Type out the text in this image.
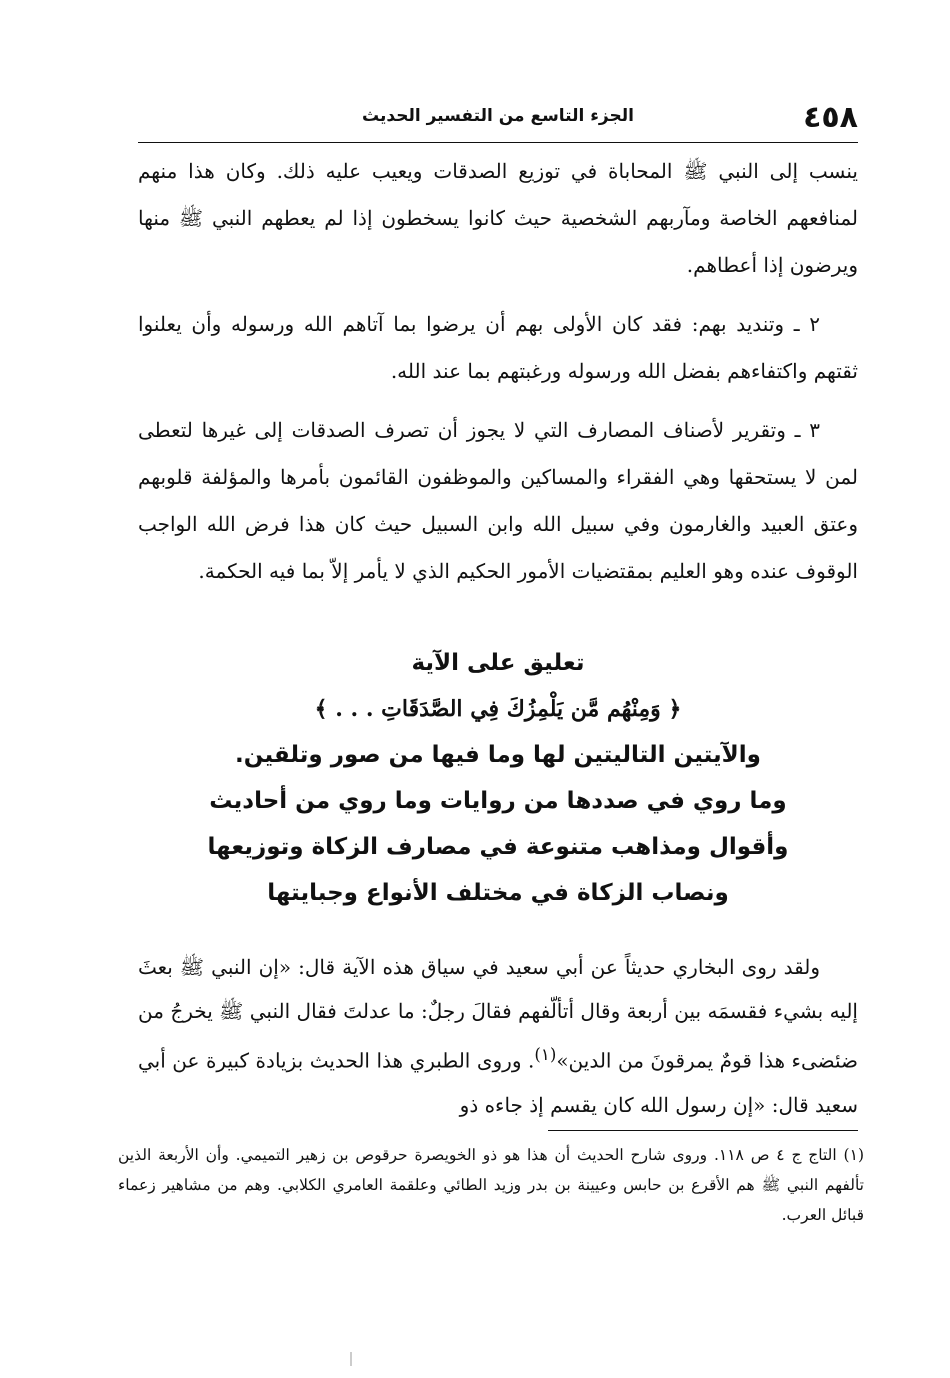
٤٥٨
الجزء التاسع من التفسير الحديث

ينسب إلى النبي ﷺ المحاباة في توزيع الصدقات ويعيب عليه ذلك. وكان هذا منهم لمنافعهم الخاصة ومآربهم الشخصية حيث كانوا يسخطون إذا لم يعطهم النبي ﷺ منها ويرضون إذا أعطاهم.

٢ ـ وتنديد بهم: فقد كان الأولى بهم أن يرضوا بما آتاهم الله ورسوله وأن يعلنوا ثقتهم واكتفاءهم بفضل الله ورسوله ورغبتهم بما عند الله.

٣ ـ وتقرير لأصناف المصارف التي لا يجوز أن تصرف الصدقات إلى غيرها لتعطى لمن لا يستحقها وهي الفقراء والمساكين والموظفون القائمون بأمرها والمؤلفة قلوبهم وعتق العبيد والغارمون وفي سبيل الله وابن السبيل حيث كان هذا فرض الله الواجب الوقوف عنده وهو العليم بمقتضيات الأمور الحكيم الذي لا يأمر إلاّ بما فيه الحكمة.

تعليق على الآية
﴿ وَمِنْهُم مَّن يَلْمِزُكَ فِي الصَّدَقَاتِ . . . ﴾
والآيتين التاليتين لها وما فيها من صور وتلقين.
وما روي في صددها من روايات وما روي من أحاديث
وأقوال ومذاهب متنوعة في مصارف الزكاة وتوزيعها
ونصاب الزكاة في مختلف الأنواع وجبايتها

ولقد روى البخاري حديثاً عن أبي سعيد في سياق هذه الآية قال: «إن النبي ﷺ بعثَ إليه بشيء فقسمَه بين أربعة وقال أتألّفهم فقالَ رجلٌ: ما عدلتَ فقال النبي ﷺ يخرجُ من ضئضىء هذا قومٌ يمرقونَ من الدين»$^{(١)}$. وروى الطبري هذا الحديث بزيادة كبيرة عن أبي سعيد قال: «إن رسول الله كان يقسم إذ جاءه ذو

(١) التاج ج ٤ ص ١١٨. وروى شارح الحديث أن هذا هو ذو الخويصرة حرقوص بن زهير التميمي. وأن الأربعة الذين تألفهم النبي ﷺ هم الأقرع بن حابس وعيينة بن بدر وزيد الطائي وعلقمة العامري الكلابي. وهم من مشاهير زعماء قبائل العرب.
